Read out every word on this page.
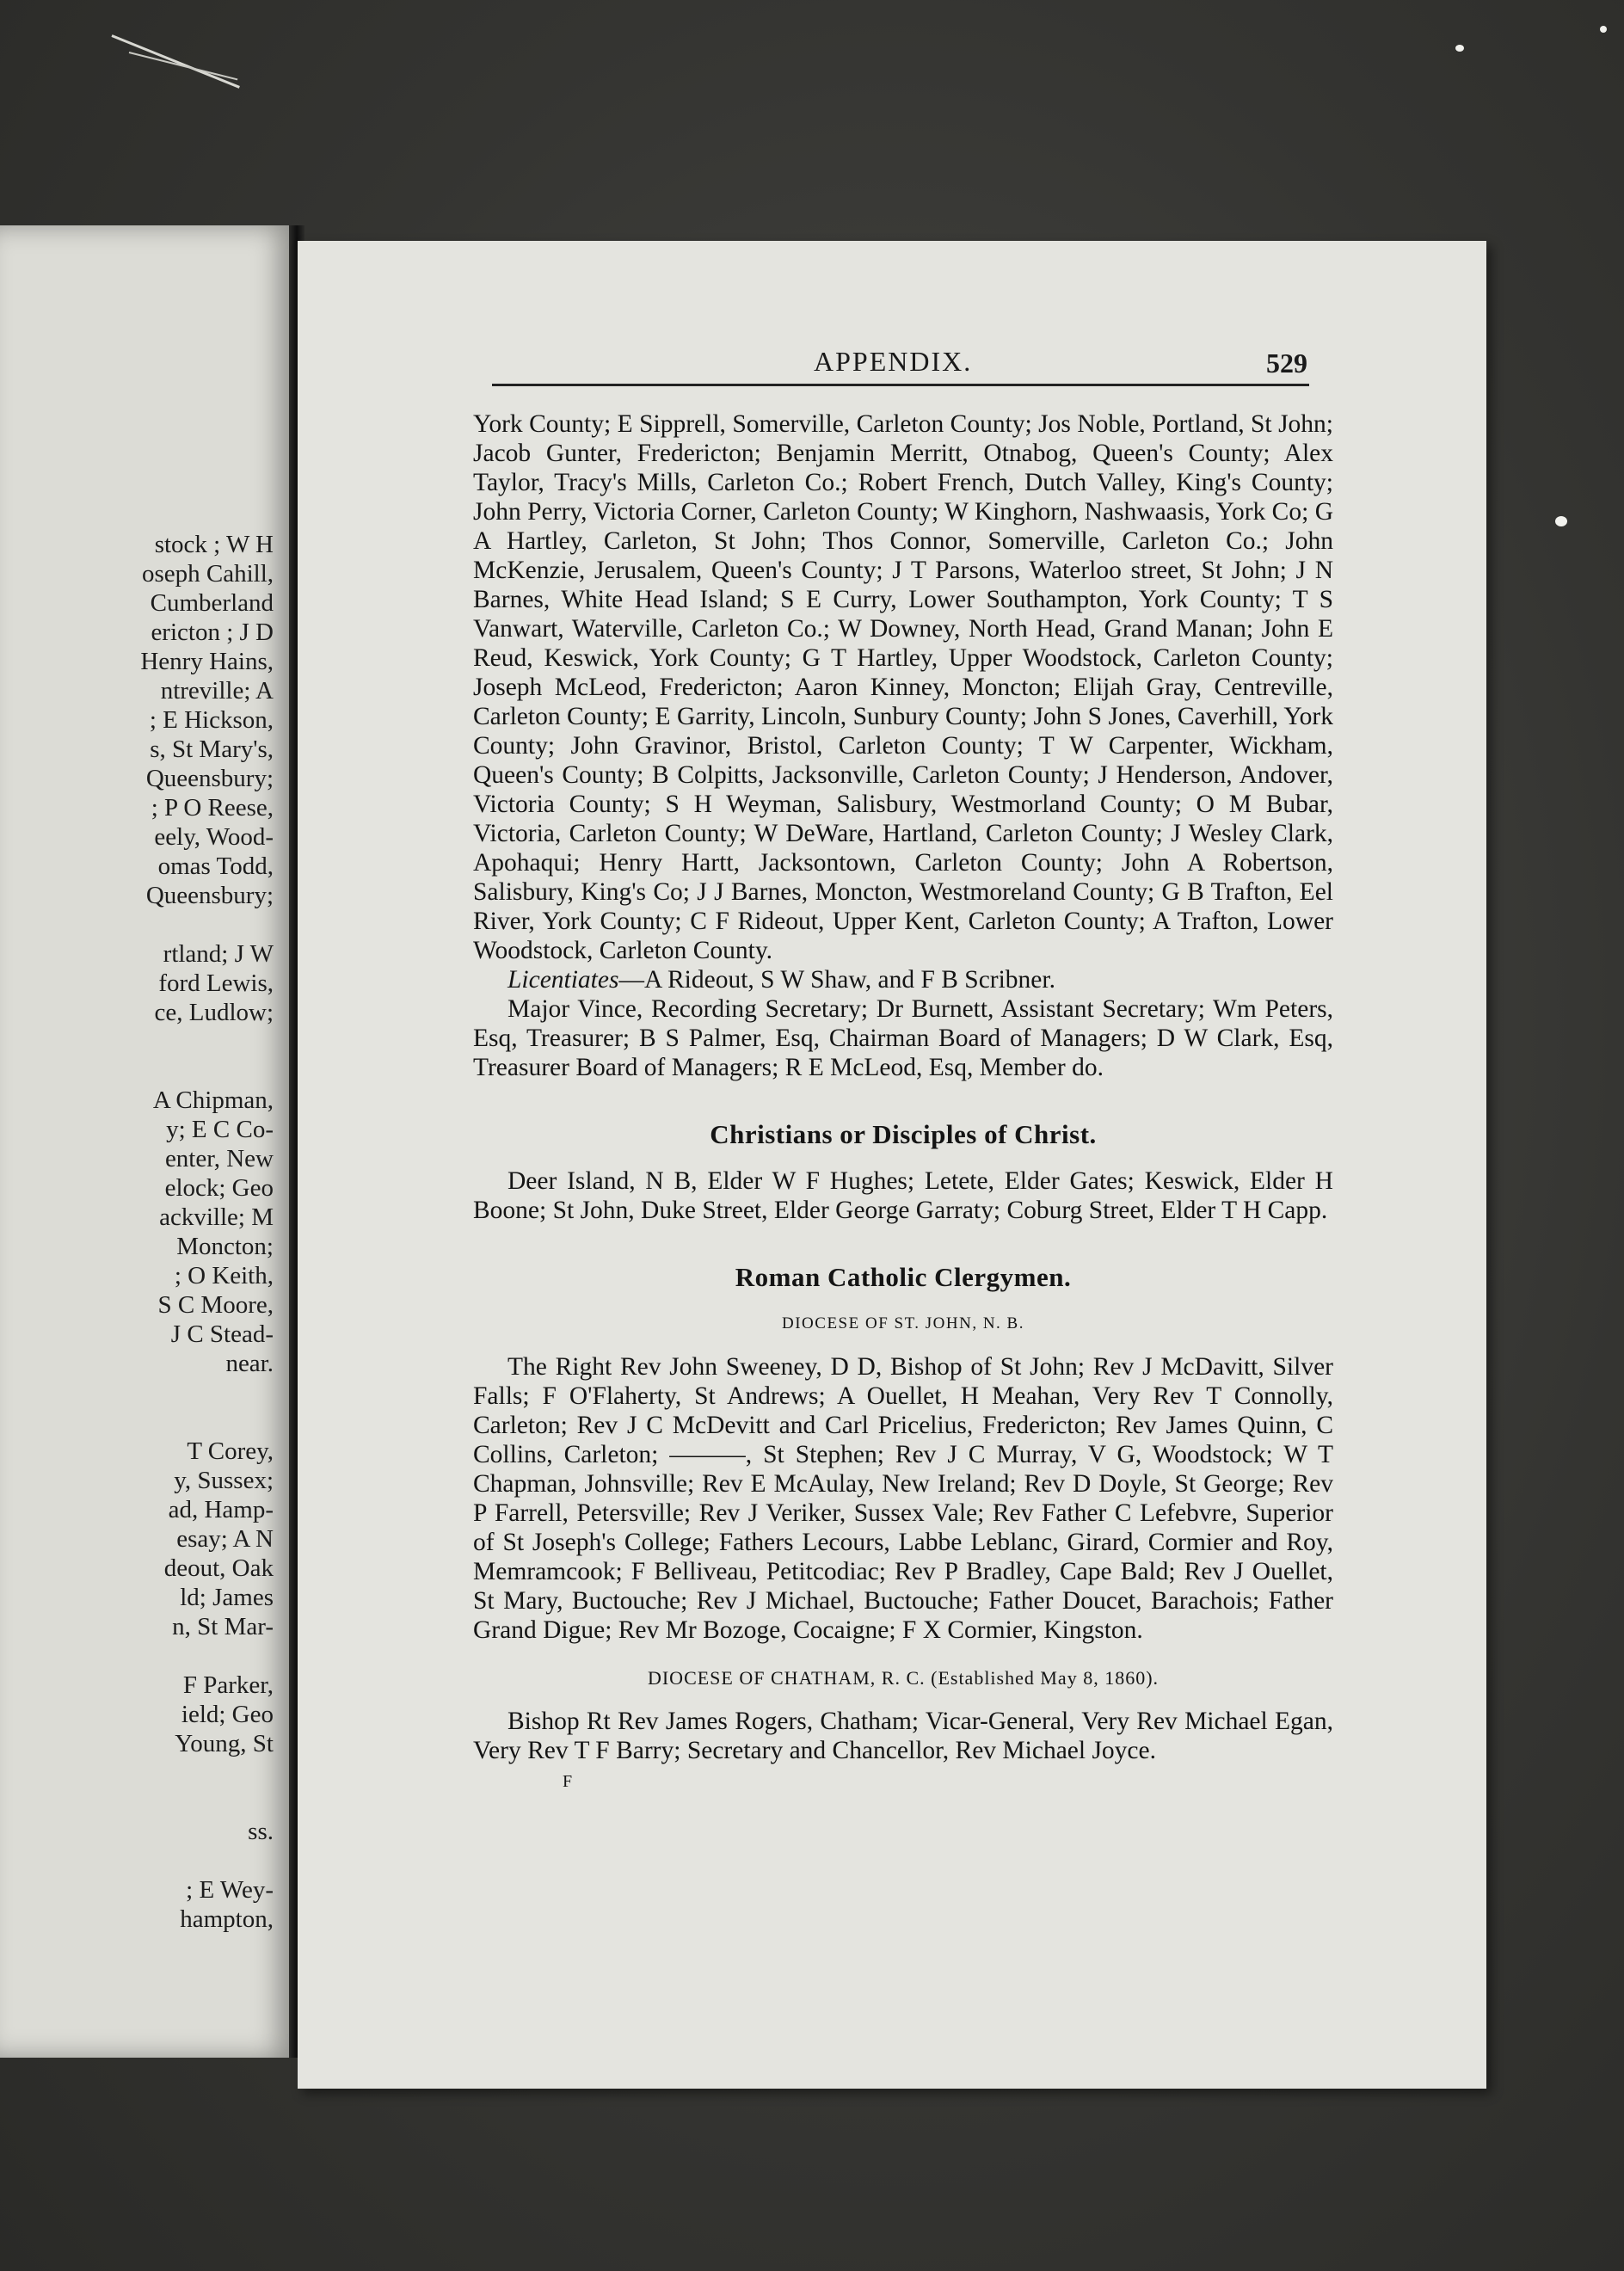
stock ; W H
oseph Cahill,
Cumberland
ericton ; J D
Henry Hains,
ntreville; A
; E Hickson,
s, St Mary's,
Queensbury;
; P O Reese,
eely, Wood-
omas Todd,
Queensbury;
rtland; J W
ford Lewis,
ce, Ludlow;
A Chipman,
y; E C Co-
enter, New
elock; Geo
ackville; M
Moncton;
; O Keith,
S C Moore,
J C Stead-
near.
T Corey,
y, Sussex;
ad, Hamp-
esay; A N
deout, Oak
ld; James
n, St Mar-
F Parker,
ield; Geo
Young, St
ss.
; E Wey-
hampton,
APPENDIX.	529

York County; E Sipprell, Somerville, Carleton County; Jos Noble, Portland, St John; Jacob Gunter, Fredericton; Benjamin Merritt, Otnabog, Queen's County; Alex Taylor, Tracy's Mills, Carleton Co.; Robert French, Dutch Valley, King's County; John Perry, Victoria Corner, Carleton County; W Kinghorn, Nashwaasis, York Co; G A Hartley, Carleton, St John; Thos Connor, Somerville, Carleton Co.; John McKenzie, Jerusalem, Queen's County; J T Parsons, Waterloo street, St John; J N Barnes, White Head Island; S E Curry, Lower Southampton, York County; T S Vanwart, Waterville, Carleton Co.; W Downey, North Head, Grand Manan; John E Reud, Keswick, York County; G T Hartley, Upper Woodstock, Carleton County; Joseph McLeod, Fredericton; Aaron Kinney, Moncton; Elijah Gray, Centreville, Carleton County; E Garrity, Lincoln, Sunbury County; John S Jones, Caverhill, York County; John Gravinor, Bristol, Carleton County; T W Carpenter, Wickham, Queen's County; B Colpitts, Jacksonville, Carleton County; J Henderson, Andover, Victoria County; S H Weyman, Salisbury, Westmorland County; O M Bubar, Victoria, Carleton County; W DeWare, Hartland, Carleton County; J Wesley Clark, Apohaqui; Henry Hartt, Jacksontown, Carleton County; John A Robertson, Salisbury, King's Co; J J Barnes, Moncton, Westmoreland County; G B Trafton, Eel River, York County; C F Rideout, Upper Kent, Carleton County; A Trafton, Lower Woodstock, Carleton County.

Licentiates—A Rideout, S W Shaw, and F B Scribner.

Major Vince, Recording Secretary; Dr Burnett, Assistant Secretary; Wm Peters, Esq, Treasurer; B S Palmer, Esq, Chairman Board of Managers; D W Clark, Esq, Treasurer Board of Managers; R E McLeod, Esq, Member do.

Christians or Disciples of Christ.

Deer Island, N B, Elder W F Hughes; Letete, Elder Gates; Keswick, Elder H Boone; St John, Duke Street, Elder George Garraty; Coburg Street, Elder T H Capp.

Roman Catholic Clergymen.
DIOCESE OF ST. JOHN, N. B.

The Right Rev John Sweeney, D D, Bishop of St John; Rev J McDavitt, Silver Falls; F O'Flaherty, St Andrews; A Ouellet, H Meahan, Very Rev T Connolly, Carleton; Rev J C McDevitt and Carl Pricelius, Fredericton; Rev James Quinn, C Collins, Carleton; ———, St Stephen; Rev J C Murray, V G, Woodstock; W T Chapman, Johnsville; Rev E McAulay, New Ireland; Rev D Doyle, St George; Rev P Farrell, Petersville; Rev J Veriker, Sussex Vale; Rev Father C Lefebvre, Superior of St Joseph's College; Fathers Lecours, Labbe Leblanc, Girard, Cormier and Roy, Memramcook; F Belliveau, Petitcodiac; Rev P Bradley, Cape Bald; Rev J Ouellet, St Mary, Buctouche; Rev J Michael, Buctouche; Father Doucet, Barachois; Father Grand Digue; Rev Mr Bozoge, Cocaigne; F X Cormier, Kingston.

DIOCESE OF CHATHAM, R. C. (Established May 8, 1860).

Bishop Rt Rev James Rogers, Chatham; Vicar-General, Very Rev Michael Egan, Very Rev T F Barry; Secretary and Chancellor, Rev Michael Joyce.

F
